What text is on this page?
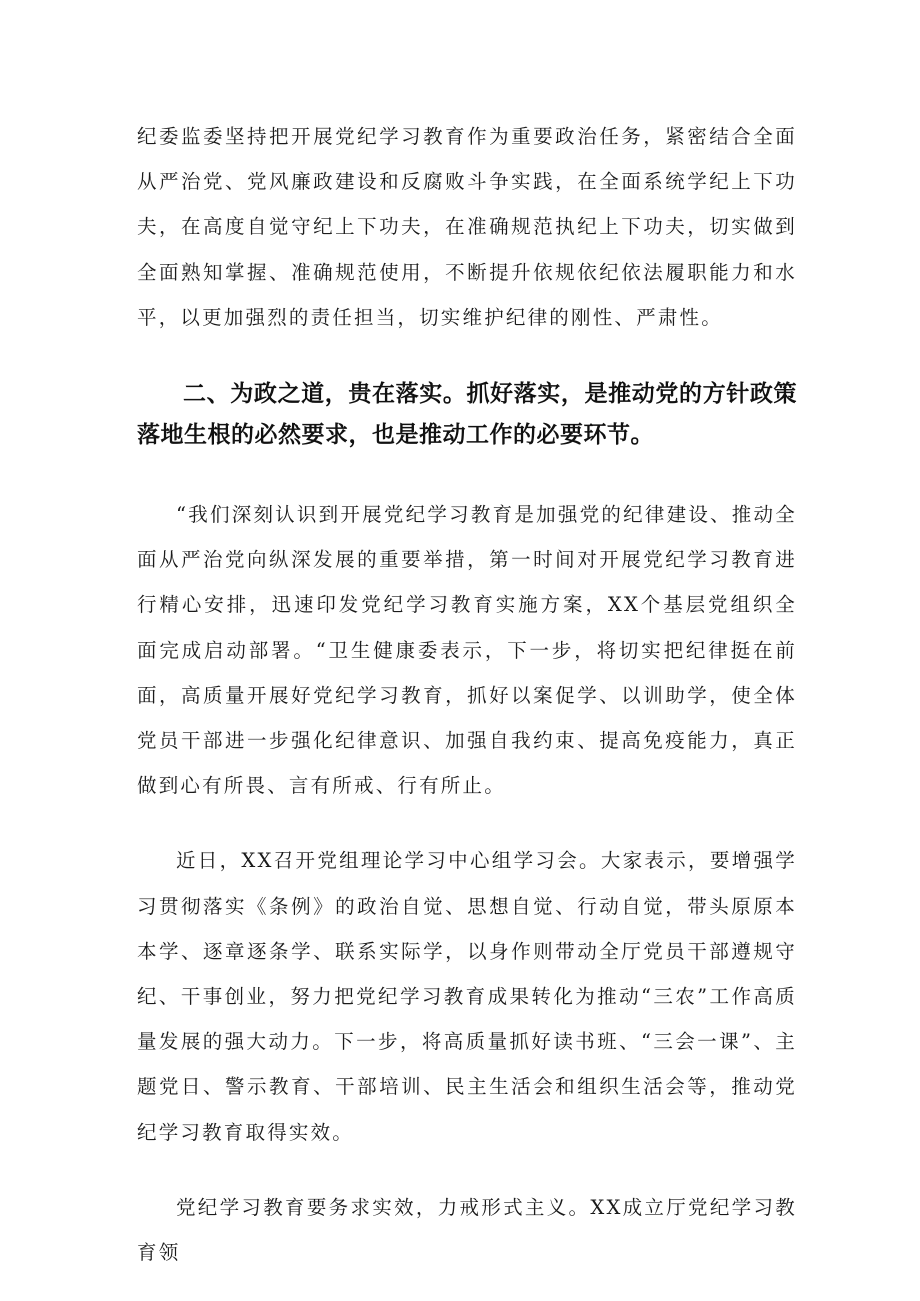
纪委监委坚持把开展党纪学习教育作为重要政治任务，紧密结合全面从严治党、党风廉政建设和反腐败斗争实践，在全面系统学纪上下功夫，在高度自觉守纪上下功夫，在准确规范执纪上下功夫，切实做到全面熟知掌握、准确规范使用，不断提升依规依纪依法履职能力和水平，以更加强烈的责任担当，切实维护纪律的刚性、严肃性。

二、为政之道，贵在落实。抓好落实，是推动党的方针政策落地生根的必然要求，也是推动工作的必要环节。

“我们深刻认识到开展党纪学习教育是加强党的纪律建设、推动全面从严治党向纵深发展的重要举措，第一时间对开展党纪学习教育进行精心安排，迅速印发党纪学习教育实施方案，XX个基层党组织全面完成启动部署。“卫生健康委表示，下一步，将切实把纪律挺在前面，高质量开展好党纪学习教育，抓好以案促学、以训助学，使全体党员干部进一步强化纪律意识、加强自我约束、提高免疫能力，真正做到心有所畏、言有所戒、行有所止。

近日，XX召开党组理论学习中心组学习会。大家表示，要增强学习贯彻落实《条例》的政治自觉、思想自觉、行动自觉，带头原原本本学、逐章逐条学、联系实际学，以身作则带动全厅党员干部遵规守纪、干事创业，努力把党纪学习教育成果转化为推动“三农”工作高质量发展的强大动力。下一步，将高质量抓好读书班、“三会一课”、主题党日、警示教育、干部培训、民主生活会和组织生活会等，推动党纪学习教育取得实效。

党纪学习教育要务求实效，力戒形式主义。XX成立厅党纪学习教育领
